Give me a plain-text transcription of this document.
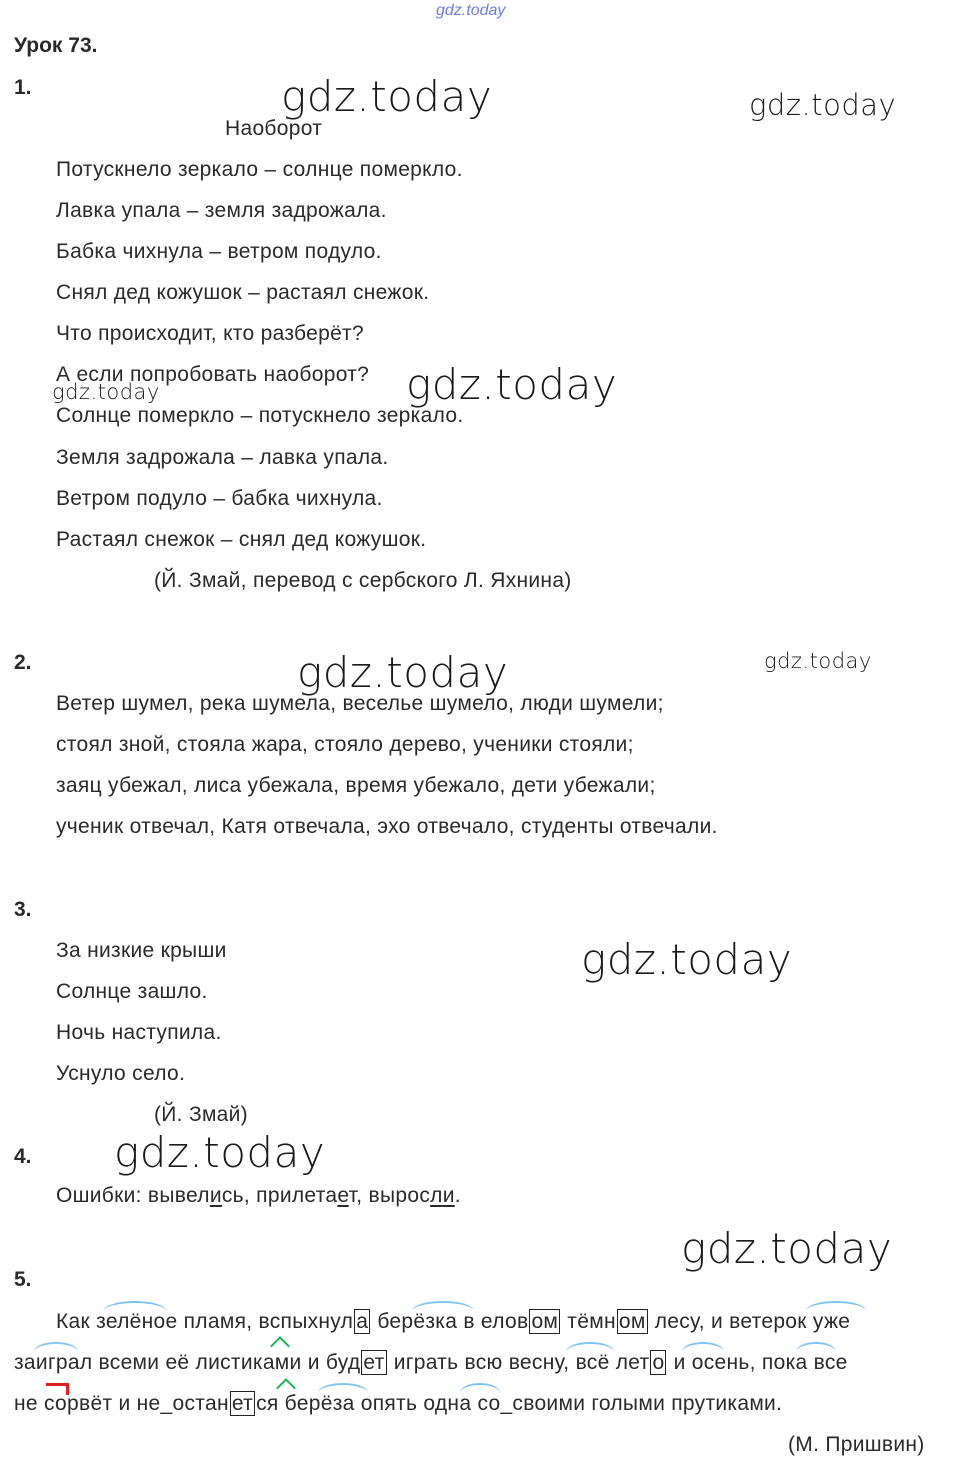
gdz.today
gdz.today	gdz.today
gdz.today
gdz.today
gdz.today	gdz.today
gdz.today
gdz.today
gdz.today
Урок 73.
1.
Наоборот
Потускнело зеркало – солнце померкло.
Лавка упала – земля задрожала.
Бабка чихнула – ветром подуло.
Снял дед кожушок – растаял снежок.
Что происходит, кто разберёт?
А если попробовать наоборот?
Солнце померкло – потускнело зеркало.
Земля задрожала – лавка упала.
Ветром подуло – бабка чихнула.
Растаял снежок – снял дед кожушок.
(Й. Змай, перевод с сербского Л. Яхнина)
2.
Ветер шумел, река шумела, веселье шумело, люди шумели;
стоял зной, стояла жара, стояло дерево, ученики стояли;
заяц убежал, лиса убежала, время убежало, дети убежали;
ученик отвечал, Катя отвечала, эхо отвечало, студенты отвечали.
3.
За низкие крыши
Солнце зашло.
Ночь наступила.
Уснуло село.
(Й. Змай)
4.
Ошибки: вывелись, прилетает, выросли.
5.
Как зелёное пламя, вспыхнул а берёзка в елов ом тёмн ом лесу, и ветерок уже
заиграл всеми её листиками и буд ет играть всю весну, всё лет о и осень, пока все
не сорвёт и не_остан ет ся берёза опять одна со_своими голыми прутиками.
(М. Пришвин)
